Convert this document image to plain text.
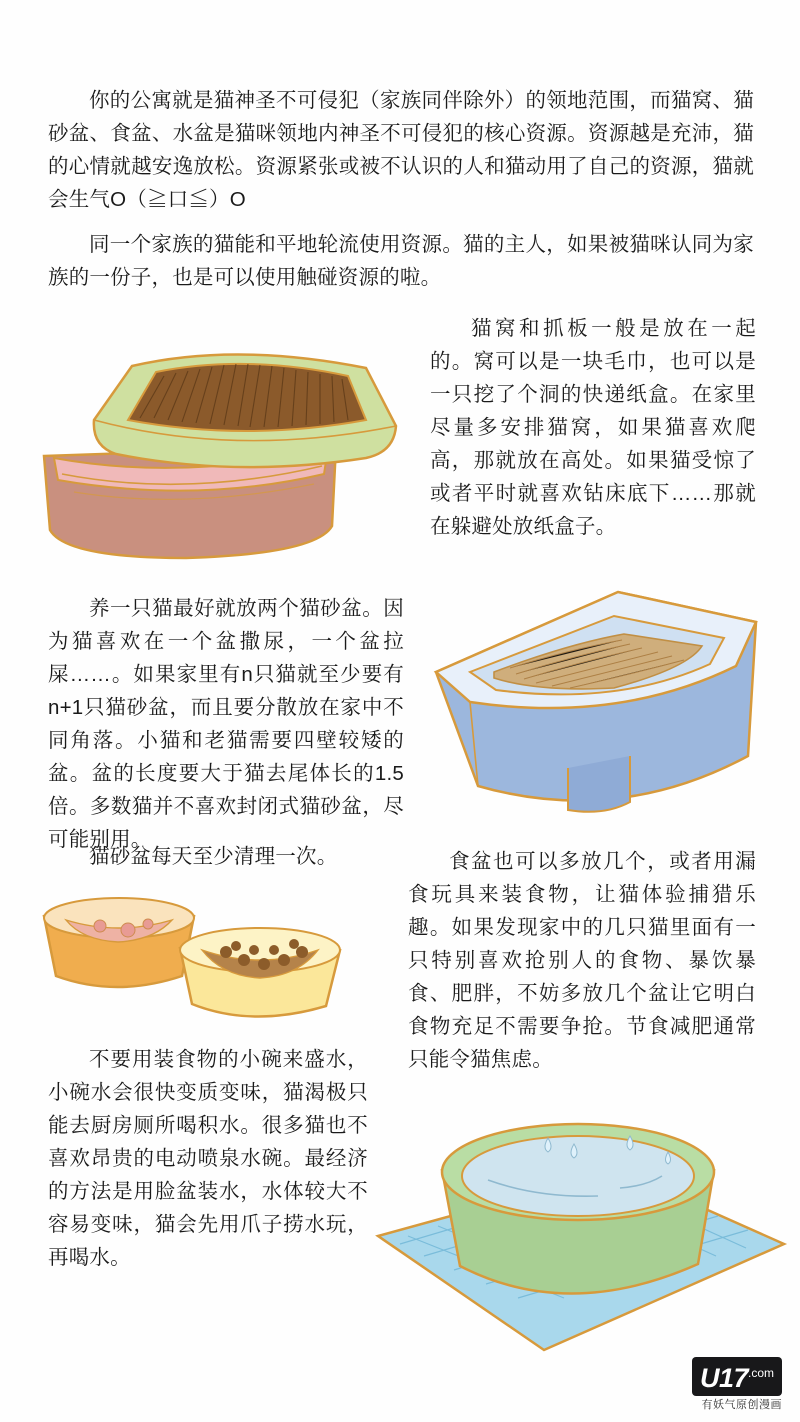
你的公寓就是猫神圣不可侵犯（家族同伴除外）的领地范围，而猫窝、猫砂盆、食盆、水盆是猫咪领地内神圣不可侵犯的核心资源。资源越是充沛，猫的心情就越安逸放松。资源紧张或被不认识的人和猫动用了自己的资源，猫就会生气O（≧口≦）O
同一个家族的猫能和平地轮流使用资源。猫的主人，如果被猫咪认同为家族的一份子，也是可以使用触碰资源的啦。
猫窝和抓板一般是放在一起的。窝可以是一块毛巾，也可以是一只挖了个洞的快递纸盒。在家里尽量多安排猫窝，如果猫喜欢爬高，那就放在高处。如果猫受惊了或者平时就喜欢钻床底下……那就在躲避处放纸盒子。
养一只猫最好就放两个猫砂盆。因为猫喜欢在一个盆撒尿，一个盆拉屎……。如果家里有n只猫就至少要有n+1只猫砂盆，而且要分散放在家中不同角落。小猫和老猫需要四壁较矮的盆。盆的长度要大于猫去尾体长的1.5倍。多数猫并不喜欢封闭式猫砂盆，尽可能别用。
猫砂盆每天至少清理一次。	食盆也可以多放几个，或者用漏食玩具来装食物，让猫体验捕猎乐趣。如果发现家中的几只猫里面有一只特别喜欢抢别人的食物、暴饮暴食、肥胖，不妨多放几个盆让它明白食物充足不需要争抢。节食减肥通常只能令猫焦虑。
不要用装食物的小碗来盛水，小碗水会很快变质变味，猫渴极只能去厨房厕所喝积水。很多猫也不喜欢昂贵的电动喷泉水碗。最经济的方法是用脸盆装水，水体较大不容易变味，猫会先用爪子捞水玩，再喝水。
$U17^{.com}$
有妖气原创漫画
